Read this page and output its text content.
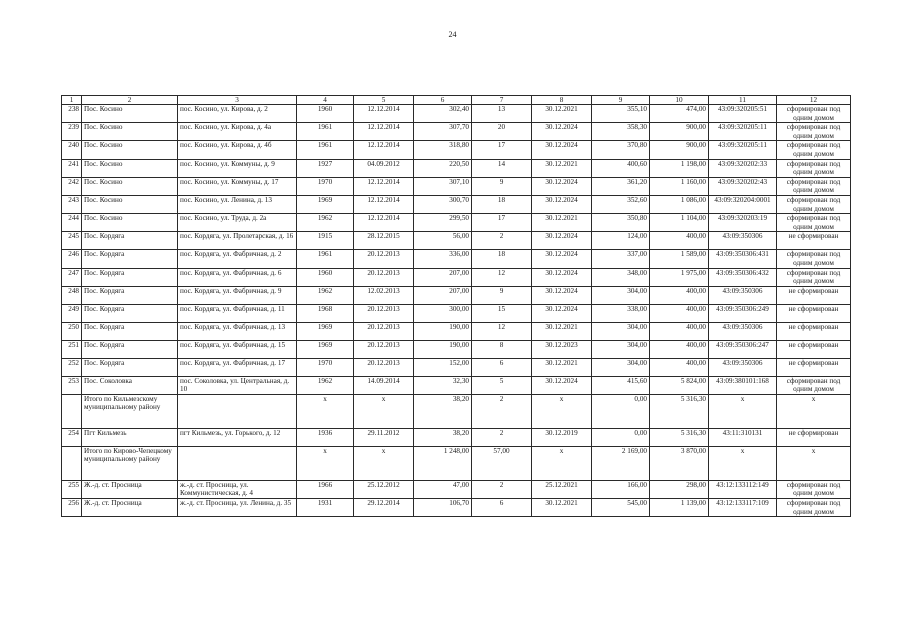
24
1	2	3	4	5	6	7	8	9	10	11	12
238	Пос. Косино	пос. Косино, ул. Кирова, д. 2	1960	12.12.2014	302,40	13	30.12.2021	355,10	474,00	43:09:320205:51	сформирован под одним домом
239	Пос. Косино	пос. Косино, ул. Кирова, д. 4а	1961	12.12.2014	307,70	20	30.12.2024	358,30	900,00	43:09:320205:11	сформирован под одним домом
240	Пос. Косино	пос. Косино, ул. Кирова, д. 4б	1961	12.12.2014	318,80	17	30.12.2024	370,80	900,00	43:09:320205:11	сформирован под одним домом
241	Пос. Косино	пос. Косино, ул. Коммуны, д. 9	1927	04.09.2012	220,50	14	30.12.2021	400,60	1 198,00	43:09:320202:33	сформирован под одним домом
242	Пос. Косино	пос. Косино, ул. Коммуны, д. 17	1970	12.12.2014	307,10	9	30.12.2024	361,20	1 160,00	43:09:320202:43	сформирован под одним домом
243	Пос. Косино	пос. Косино, ул. Ленина, д. 13	1969	12.12.2014	300,70	18	30.12.2024	352,60	1 086,00	43:09:320204:0001	сформирован под одним домом
244	Пос. Косино	пос. Косино, ул. Труда, д. 2а	1962	12.12.2014	299,50	17	30.12.2021	350,80	1 104,00	43:09:320203:19	сформирован под одним домом
245	Пос. Кордяга	пос. Кордяга, ул. Пролетарская, д. 16	1915	28.12.2015	56,00	2	30.12.2024	124,00	400,00	43:09:350306	не сформирован
246	Пос. Кордяга	пос. Кордяга, ул. Фабричная, д. 2	1961	20.12.2013	336,00	18	30.12.2024	337,00	1 589,00	43:09:350306:431	сформирован под одним домом
247	Пос. Кордяга	пос. Кордяга, ул. Фабричная, д. 6	1960	20.12.2013	207,00	12	30.12.2024	348,00	1 975,00	43:09:350306:432	сформирован под одним домом
248	Пос. Кордяга	пос. Кордяга, ул. Фабричная, д. 9	1962	12.02.2013	207,00	9	30.12.2024	304,00	400,00	43:09:350306	не сформирован
249	Пос. Кордяга	пос. Кордяга, ул. Фабричная, д. 11	1968	20.12.2013	300,00	15	30.12.2024	338,00	400,00	43:09:350306:249	не сформирован
250	Пос. Кордяга	пос. Кордяга, ул. Фабричная, д. 13	1969	20.12.2013	190,00	12	30.12.2021	304,00	400,00	43:09:350306	не сформирован
251	Пос. Кордяга	пос. Кордяга, ул. Фабричная, д. 15	1969	20.12.2013	190,00	8	30.12.2023	304,00	400,00	43:09:350306:247	не сформирован
252	Пос. Кордяга	пос. Кордяга, ул. Фабричная, д. 17	1970	20.12.2013	152,00	6	30.12.2021	304,00	400,00	43:09:350306	не сформирован
253	Пос. Соколовка	пос. Соколовка, ул. Центральная, д. 10	1962	14.09.2014	32,30	5	30.12.2024	415,60	5 824,00	43:09:380101:168	сформирован под одним домом
	Итого по Кильмезскому муниципальному району		x	x	38,20	2	x	0,00	5 316,30	x	x
254	Пгт Кильмезь	пгт Кильмезь, ул. Горького, д. 12	1936	29.11.2012	38,20	2	30.12.2019	0,00	5 316,30	43:11:310131	не сформирован
	Итого по Кирово-Чепецкому муниципальному району		x	x	1 248,00	57,00	x	2 169,00	3 870,00	x	x
255	Ж.-д. ст. Просница	ж.-д. ст. Просница, ул. Коммунистическая, д. 4	1966	25.12.2012	47,00	2	25.12.2021	166,00	298,00	43:12:133112:149	сформирован под одним домом
256	Ж.-д. ст. Просница	ж.-д. ст. Просница, ул. Ленина, д. 35	1931	29.12.2014	106,70	6	30.12.2021	545,00	1 139,00	43:12:133117:109	сформирован под одним домом
